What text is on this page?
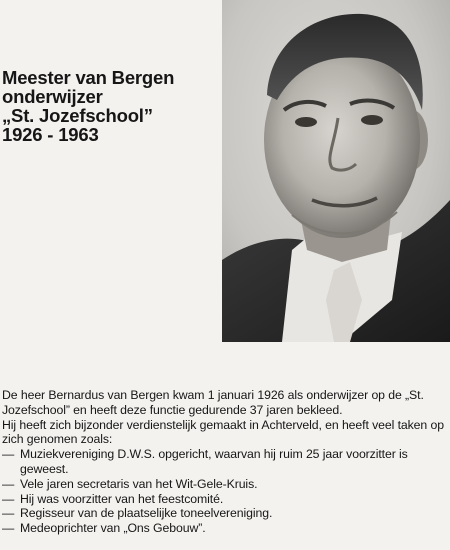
Meester van Bergen
onderwijzer
„St. Jozefschool”
1926 - 1963

De heer Bernardus van Bergen kwam 1 januari 1926 als onderwijzer op de „St. Jozefschool” en heeft deze functie gedurende 37 jaren bekleed.

Hij heeft zich bijzonder verdienstelijk gemaakt in Achterveld, en heeft veel taken op zich genomen zoals:

— Muziekvereniging D.W.S. opgericht, waarvan hij ruim 25 jaar voorzitter is geweest.
— Vele jaren secretaris van het Wit-Gele-Kruis.
— Hij was voorzitter van het feestcomité.
— Regisseur van de plaatselijke toneelvereniging.
— Medeoprichter van „Ons Gebouw”.
